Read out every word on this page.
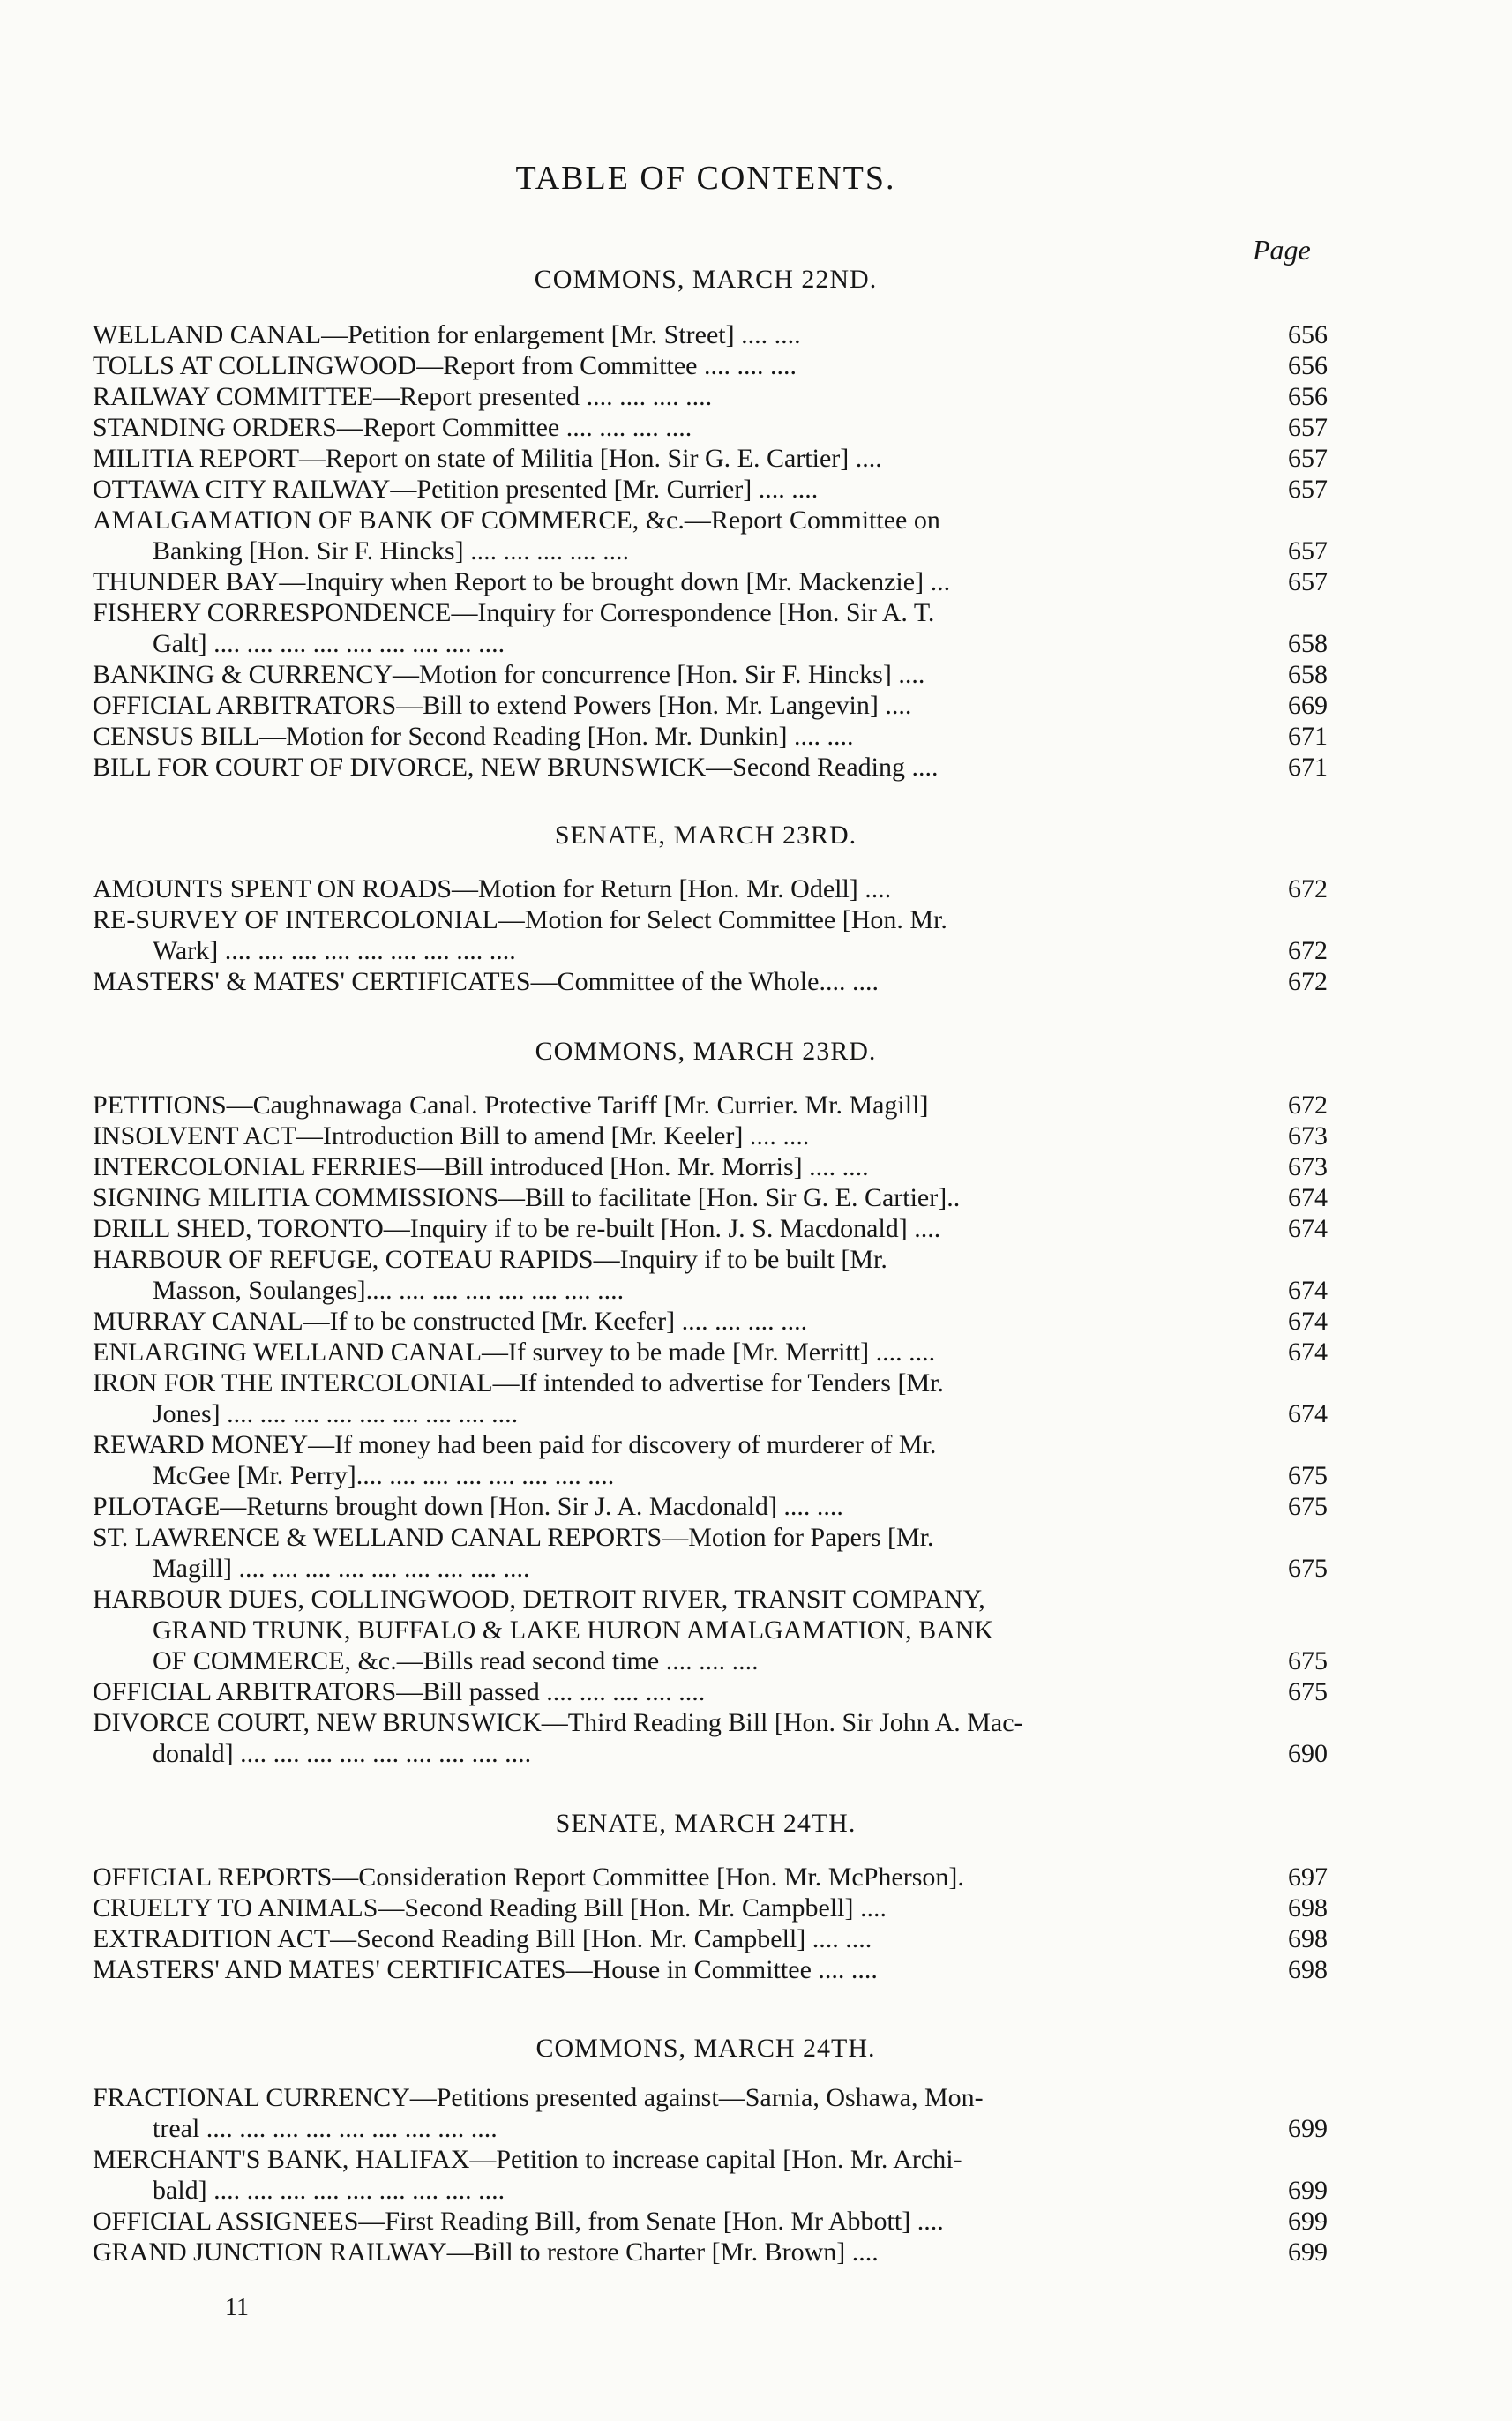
TABLE OF CONTENTS.
Page
COMMONS, MARCH 22ND.
WELLAND CANAL—Petition for enlargement [Mr. Street] .... ....	656
TOLLS AT COLLINGWOOD—Report from Committee .... .... ....	656
RAILWAY COMMITTEE—Report presented .... .... .... ....	656
STANDING ORDERS—Report Committee .... .... .... ....	657
MILITIA REPORT—Report on state of Militia [Hon. Sir G. E. Cartier] ....	657
OTTAWA CITY RAILWAY—Petition presented [Mr. Currier] .... ....	657
AMALGAMATION OF BANK OF COMMERCE, &c.—Report Committee on
Banking [Hon. Sir F. Hincks] .... .... .... .... ....	657
THUNDER BAY—Inquiry when Report to be brought down [Mr. Mackenzie] ...	657
FISHERY CORRESPONDENCE—Inquiry for Correspondence [Hon. Sir A. T.
Galt] .... .... .... .... .... .... .... .... ....	658
BANKING & CURRENCY—Motion for concurrence [Hon. Sir F. Hincks] ....	658
OFFICIAL ARBITRATORS—Bill to extend Powers [Hon. Mr. Langevin] ....	669
CENSUS BILL—Motion for Second Reading [Hon. Mr. Dunkin] .... ....	671
BILL FOR COURT OF DIVORCE, NEW BRUNSWICK—Second Reading ....	671
SENATE, MARCH 23RD.
AMOUNTS SPENT ON ROADS—Motion for Return [Hon. Mr. Odell] ....	672
RE-SURVEY OF INTERCOLONIAL—Motion for Select Committee [Hon. Mr.
Wark] .... .... .... .... .... .... .... .... ....	672
MASTERS' & MATES' CERTIFICATES—Committee of the Whole.... ....	672
COMMONS, MARCH 23RD.
PETITIONS—Caughnawaga Canal. Protective Tariff [Mr. Currier. Mr. Magill]	672
INSOLVENT ACT—Introduction Bill to amend [Mr. Keeler] .... ....	673
INTERCOLONIAL FERRIES—Bill introduced [Hon. Mr. Morris] .... ....	673
SIGNING MILITIA COMMISSIONS—Bill to facilitate [Hon. Sir G. E. Cartier]..	674
DRILL SHED, TORONTO—Inquiry if to be re-built [Hon. J. S. Macdonald] ....	674
HARBOUR OF REFUGE, COTEAU RAPIDS—Inquiry if to be built [Mr.
Masson, Soulanges].... .... .... .... .... .... .... ....	674
MURRAY CANAL—If to be constructed [Mr. Keefer] .... .... .... ....	674
ENLARGING WELLAND CANAL—If survey to be made [Mr. Merritt] .... ....	674
IRON FOR THE INTERCOLONIAL—If intended to advertise for Tenders [Mr.
Jones] .... .... .... .... .... .... .... .... ....	674
REWARD MONEY—If money had been paid for discovery of murderer of Mr.
McGee [Mr. Perry].... .... .... .... .... .... .... ....	675
PILOTAGE—Returns brought down [Hon. Sir J. A. Macdonald] .... ....	675
ST. LAWRENCE & WELLAND CANAL REPORTS—Motion for Papers [Mr.
Magill] .... .... .... .... .... .... .... .... ....	675
HARBOUR DUES, COLLINGWOOD, DETROIT RIVER, TRANSIT COMPANY,
GRAND TRUNK, BUFFALO & LAKE HURON AMALGAMATION, BANK
OF COMMERCE, &c.—Bills read second time .... .... ....	675
OFFICIAL ARBITRATORS—Bill passed .... .... .... .... ....	675
DIVORCE COURT, NEW BRUNSWICK—Third Reading Bill [Hon. Sir John A. Mac-
donald] .... .... .... .... .... .... .... .... ....	690
SENATE, MARCH 24TH.
OFFICIAL REPORTS—Consideration Report Committee [Hon. Mr. McPherson].	697
CRUELTY TO ANIMALS—Second Reading Bill [Hon. Mr. Campbell] ....	698
EXTRADITION ACT—Second Reading Bill [Hon. Mr. Campbell] .... ....	698
MASTERS' AND MATES' CERTIFICATES—House in Committee .... ....	698
COMMONS, MARCH 24TH.
FRACTIONAL CURRENCY—Petitions presented against—Sarnia, Oshawa, Mon-
treal .... .... .... .... .... .... .... .... ....	699
MERCHANT'S BANK, HALIFAX—Petition to increase capital [Hon. Mr. Archi-
bald] .... .... .... .... .... .... .... .... ....	699
OFFICIAL ASSIGNEES—First Reading Bill, from Senate [Hon. Mr Abbott] ....	699
GRAND JUNCTION RAILWAY—Bill to restore Charter [Mr. Brown] ....	699
11
